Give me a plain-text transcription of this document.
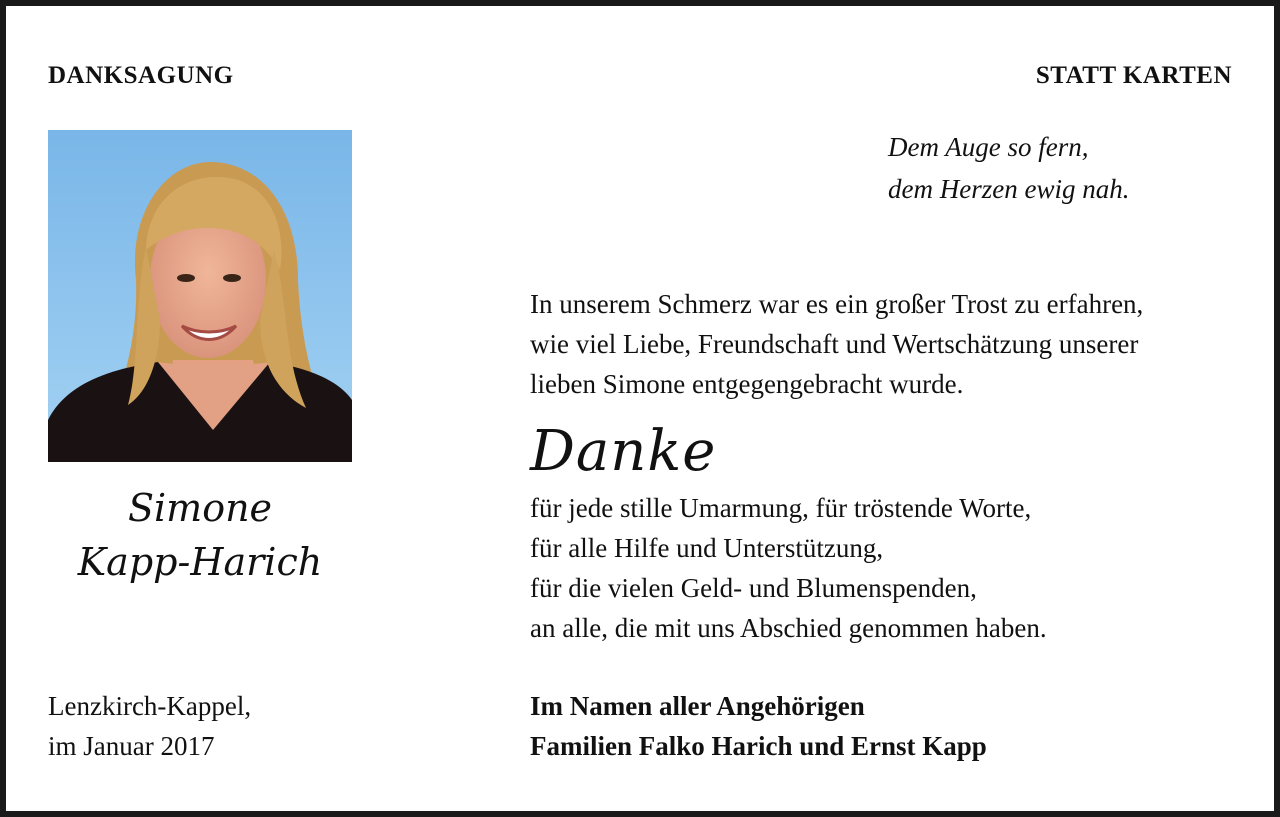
DANKSAGUNG	STATT KARTEN
Dem Auge so fern,
dem Herzen ewig nah.
Simone
Kapp-Harich
In unserem Schmerz war es ein großer Trost zu erfahren,
wie viel Liebe, Freundschaft und Wertschätzung unserer
lieben Simone entgegengebracht wurde.
Danke
für jede stille Umarmung, für tröstende Worte,
für alle Hilfe und Unterstützung,
für die vielen Geld- und Blumenspenden,
an alle, die mit uns Abschied genommen haben.
Lenzkirch-Kappel,
im Januar 2017
Im Namen aller Angehörigen
Familien Falko Harich und Ernst Kapp
